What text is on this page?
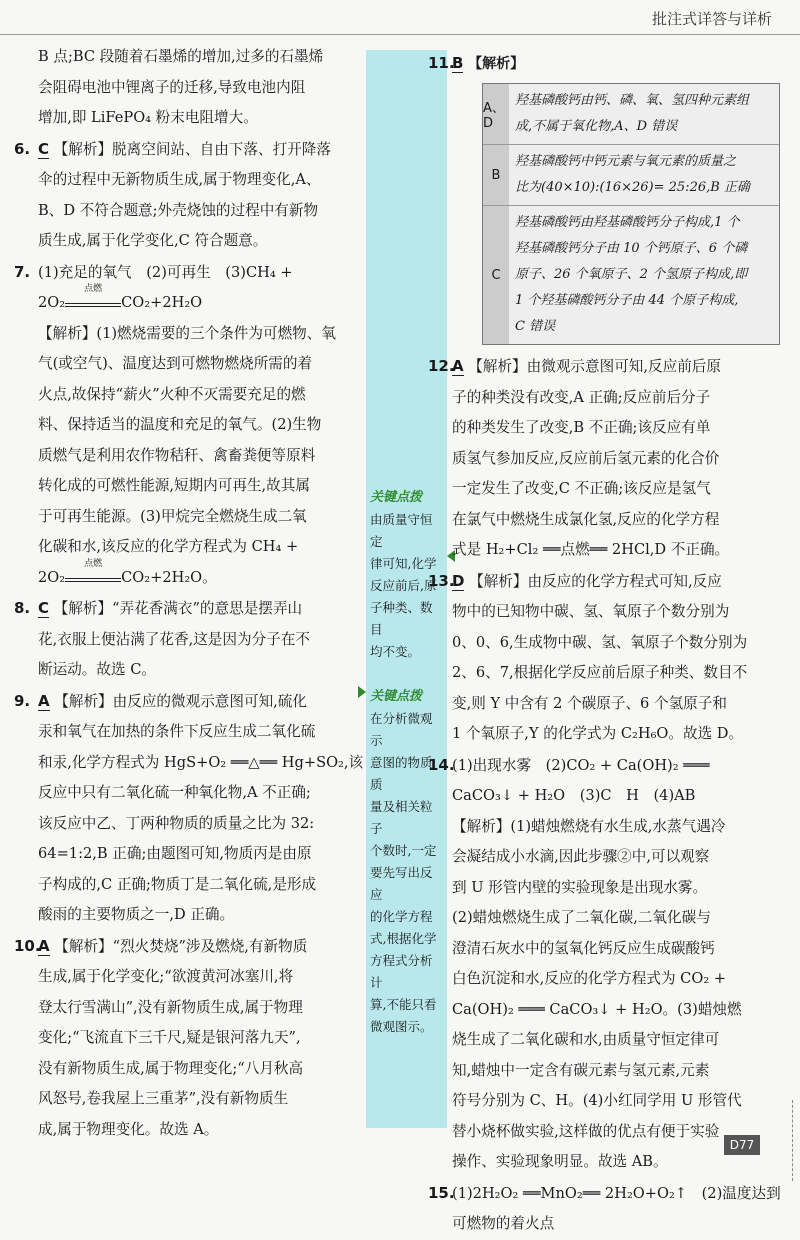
批注式详答与详析
B 点;BC 段随着石墨烯的增加,过多的石墨烯
会阻碍电池中锂离子的迁移,导致电池内阻
增加,即 LiFePO₄ 粉末电阻增大。
6. C 【解析】脱离空间站、自由下落、打开降落
伞的过程中无新物质生成,属于物理变化,A、
B、D 不符合题意;外壳烧蚀的过程中有新物
质生成,属于化学变化,C 符合题意。
7. (1)充足的氧气　(2)可再生　(3)CH₄ +
2O₂
点燃
CO₂+2H₂O
【解析】(1)燃烧需要的三个条件为可燃物、氧
气(或空气)、温度达到可燃物燃烧所需的着
火点,故保持“薪火”火种不灭需要充足的燃
料、保持适当的温度和充足的氧气。(2)生物
质燃气是利用农作物秸秆、禽畜粪便等原料
转化成的可燃性能源,短期内可再生,故其属
于可再生能源。(3)甲烷完全燃烧生成二氧
化碳和水,该反应的化学方程式为 CH₄ +
2O₂
点燃
CO₂+2H₂O。
8. C 【解析】“弄花香满衣”的意思是摆弄山
花,衣服上便沾满了花香,这是因为分子在不
断运动。故选 C。
9. A 【解析】由反应的微观示意图可知,硫化
汞和氧气在加热的条件下反应生成二氧化硫
和汞,化学方程式为 HgS+O₂ ══△══ Hg+SO₂,该
反应中只有二氧化硫一种氧化物,A 不正确;
该反应中乙、丁两种物质的质量之比为 32:
64=1:2,B 正确;由题图可知,物质丙是由原
子构成的,C 正确;物质丁是二氧化硫,是形成
酸雨的主要物质之一,D 正确。
10.A 【解析】“烈火焚烧”涉及燃烧,有新物质
生成,属于化学变化;“欲渡黄河冰塞川,将
登太行雪满山”,没有新物质生成,属于物理
变化;“飞流直下三千尺,疑是银河落九天”,
没有新物质生成,属于物理变化;“八月秋高
风怒号,卷我屋上三重茅”,没有新物质生
成,属于物理变化。故选 A。
关键点拨
由质量守恒定
律可知,化学
反应前后,原
子种类、数目
均不变。
关键点拨
在分析微观示
意图的物质质
量及相关粒子
个数时,一定
要先写出反应
的化学方程
式,根据化学
方程式分析计
算,不能只看
微观图示。
11.B 【解析】
A、D
羟基磷酸钙由钙、磷、氧、氢四种元素组
成,不属于氧化物,A、D 错误
B
羟基磷酸钙中钙元素与氧元素的质量之
比为(40×10):(16×26)= 25:26,B 正确
C
羟基磷酸钙由羟基磷酸钙分子构成,1 个
羟基磷酸钙分子由 10 个钙原子、6 个磷
原子、26 个氧原子、2 个氢原子构成,即
1 个羟基磷酸钙分子由 44 个原子构成,
C 错误
12.A 【解析】由微观示意图可知,反应前后原
子的种类没有改变,A 正确;反应前后分子
的种类发生了改变,B 不正确;该反应有单
质氢气参加反应,反应前后氢元素的化合价
一定发生了改变,C 不正确;该反应是氢气
在氯气中燃烧生成氯化氢,反应的化学方程
式是 H₂+Cl₂ ══点燃══ 2HCl,D 不正确。
13.D 【解析】由反应的化学方程式可知,反应
物中的已知物中碳、氢、氧原子个数分别为
0、0、6,生成物中碳、氢、氧原子个数分别为
2、6、7,根据化学反应前后原子种类、数目不
变,则 Y 中含有 2 个碳原子、6 个氢原子和
1 个氧原子,Y 的化学式为 C₂H₆O。故选 D。
14.(1)出现水雾　(2)CO₂ + Ca(OH)₂ ═══
CaCO₃↓ + H₂O　(3)C　H　(4)AB
【解析】(1)蜡烛燃烧有水生成,水蒸气遇冷
会凝结成小水滴,因此步骤②中,可以观察
到 U 形管内壁的实验现象是出现水雾。
(2)蜡烛燃烧生成了二氧化碳,二氧化碳与
澄清石灰水中的氢氧化钙反应生成碳酸钙
白色沉淀和水,反应的化学方程式为 CO₂ +
Ca(OH)₂ ═══ CaCO₃↓ + H₂O。(3)蜡烛燃
烧生成了二氧化碳和水,由质量守恒定律可
知,蜡烛中一定含有碳元素与氢元素,元素
符号分别为 C、H。(4)小红同学用 U 形管代
替小烧杯做实验,这样做的优点有便于实验
操作、实验现象明显。故选 AB。
15.(1)2H₂O₂ ══MnO₂══ 2H₂O+O₂↑　(2)温度达到
可燃物的着火点
D77
